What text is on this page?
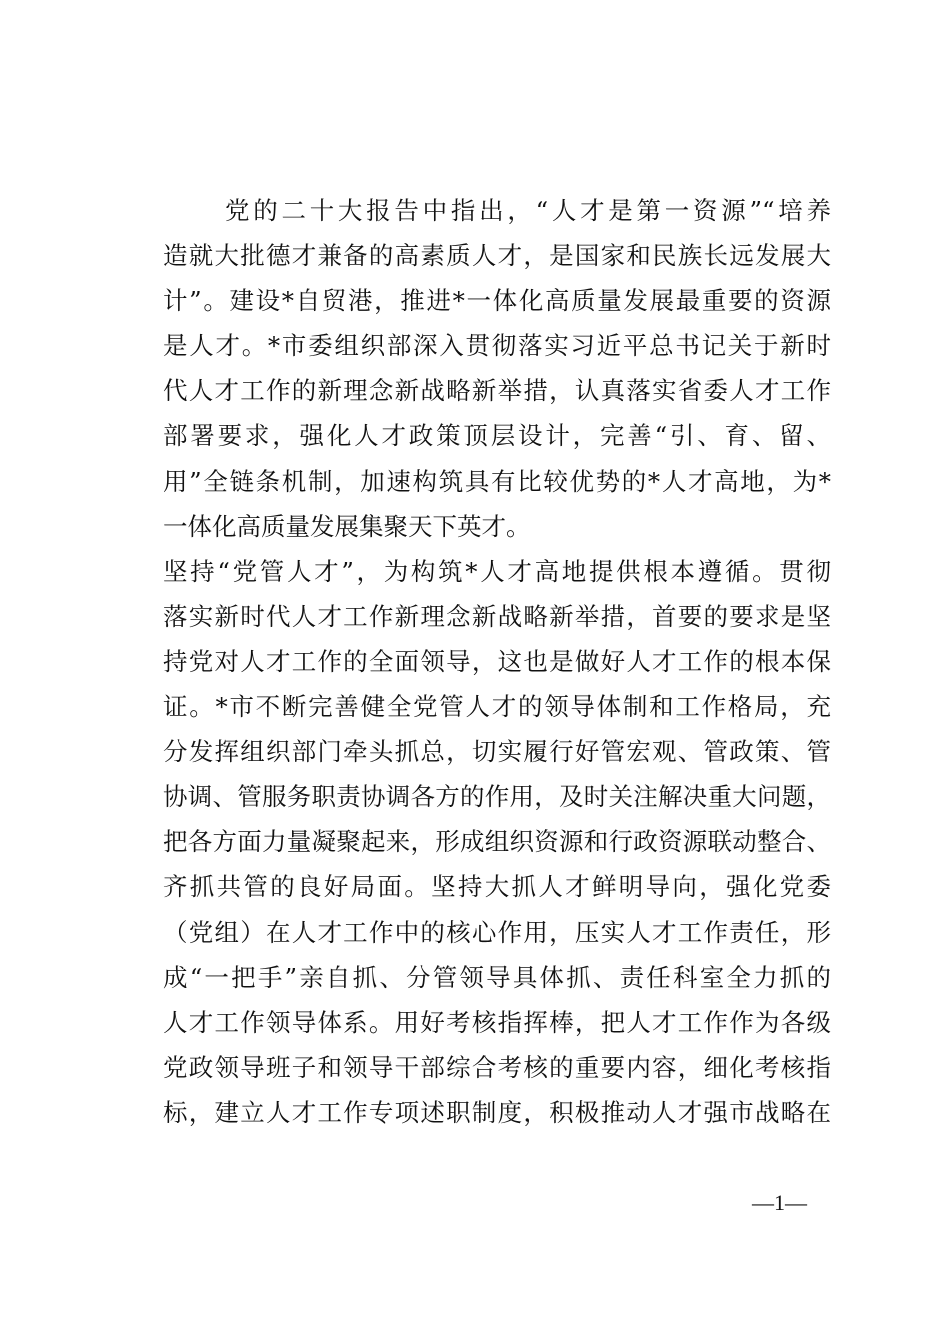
党的二十大报告中指出，“人才是第一资源”“培养
造就大批德才兼备的高素质人才，是国家和民族长远发展大
计”。建设*自贸港，推进*一体化高质量发展最重要的资源
是人才。*市委组织部深入贯彻落实习近平总书记关于新时
代人才工作的新理念新战略新举措，认真落实省委人才工作
部署要求，强化人才政策顶层设计，完善“引、育、留、
用”全链条机制，加速构筑具有比较优势的*人才高地，为*
一体化高质量发展集聚天下英才。
坚持“党管人才”，为构筑*人才高地提供根本遵循。贯彻
落实新时代人才工作新理念新战略新举措，首要的要求是坚
持党对人才工作的全面领导，这也是做好人才工作的根本保
证。*市不断完善健全党管人才的领导体制和工作格局，充
分发挥组织部门牵头抓总，切实履行好管宏观、管政策、管
协调、管服务职责协调各方的作用，及时关注解决重大问题，
把各方面力量凝聚起来，形成组织资源和行政资源联动整合、
齐抓共管的良好局面。坚持大抓人才鲜明导向，强化党委
（党组）在人才工作中的核心作用，压实人才工作责任，形
成“一把手”亲自抓、分管领导具体抓、责任科室全力抓的
人才工作领导体系。用好考核指挥棒，把人才工作作为各级
党政领导班子和领导干部综合考核的重要内容，细化考核指
标，建立人才工作专项述职制度，积极推动人才强市战略在
—1—
